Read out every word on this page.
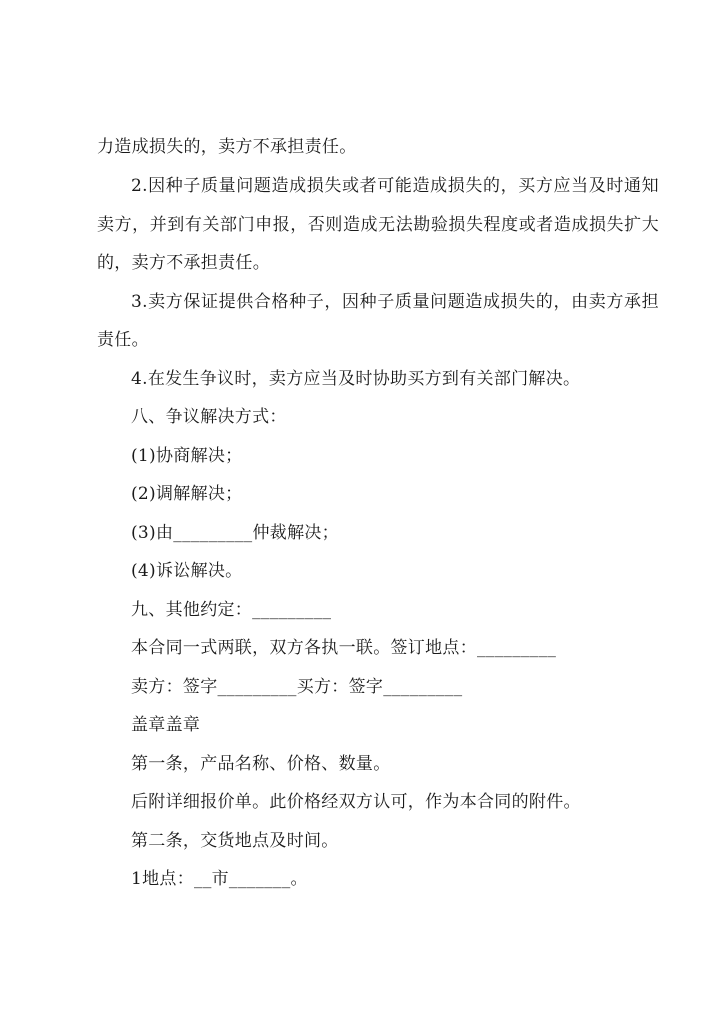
力造成损失的，卖方不承担责任。
2.因种子质量问题造成损失或者可能造成损失的，买方应当及时通知
卖方，并到有关部门申报，否则造成无法勘验损失程度或者造成损失扩大
的，卖方不承担责任。
3.卖方保证提供合格种子，因种子质量问题造成损失的，由卖方承担
责任。
4.在发生争议时，卖方应当及时协助买方到有关部门解决。
八、争议解决方式：
(1)协商解决；
(2)调解解决；
(3)由_________仲裁解决；
(4)诉讼解决。
九、其他约定：_________
本合同一式两联，双方各执一联。签订地点：_________
卖方：签字_________买方：签字_________
盖章盖章
第一条，产品名称、价格、数量。
后附详细报价单。此价格经双方认可，作为本合同的附件。
第二条，交货地点及时间。
1地点：__市_______。
